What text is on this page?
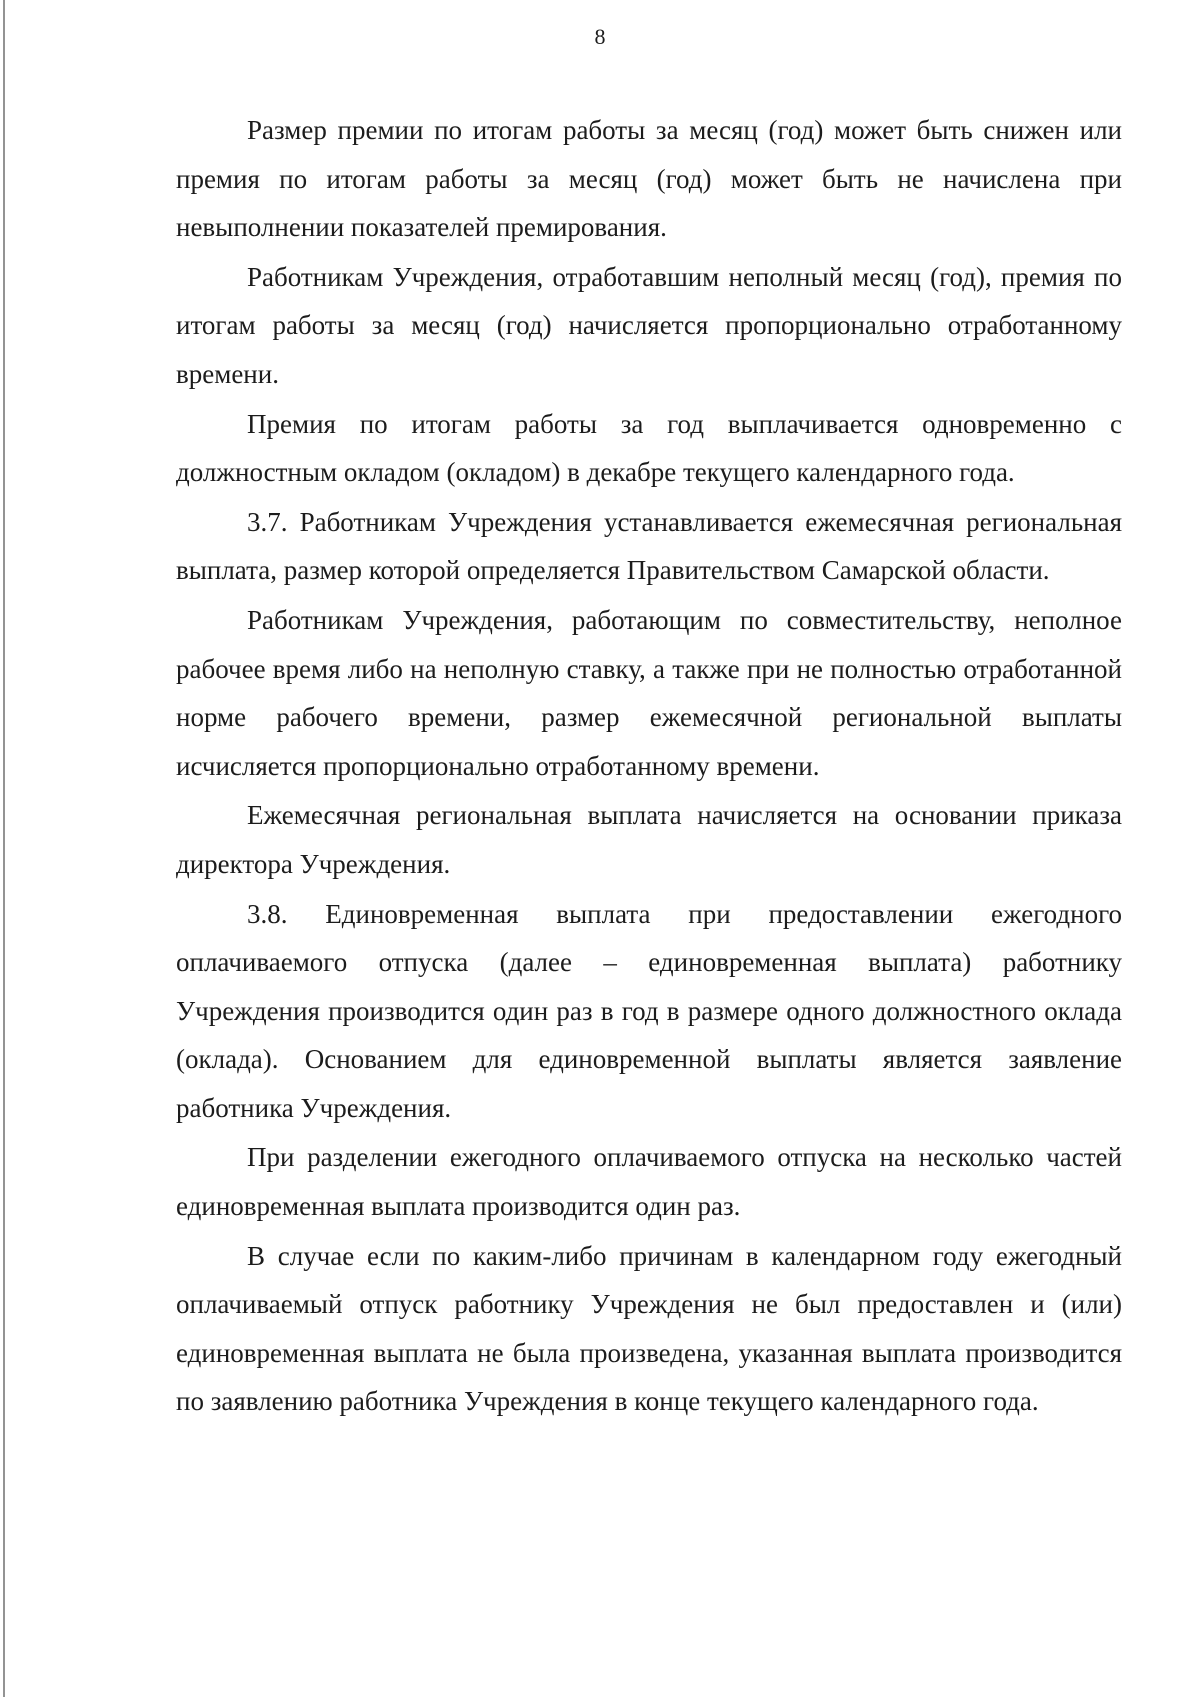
8

Размер премии по итогам работы за месяц (год) может быть снижен или премия по итогам работы за месяц (год) может быть не начислена при невыполнении показателей премирования.

Работникам Учреждения, отработавшим неполный месяц (год), премия по итогам работы за месяц (год) начисляется пропорционально отработанному времени.

Премия по итогам работы за год выплачивается одновременно с должностным окладом (окладом) в декабре текущего календарного года.

3.7. Работникам Учреждения устанавливается ежемесячная региональная выплата, размер которой определяется Правительством Самарской области.

Работникам Учреждения, работающим по совместительству, неполное рабочее время либо на неполную ставку, а также при не полностью отработанной норме рабочего времени, размер ежемесячной региональной выплаты исчисляется пропорционально отработанному времени.

Ежемесячная региональная выплата начисляется на основании приказа директора Учреждения.

3.8. Единовременная выплата при предоставлении ежегодного оплачиваемого отпуска (далее – единовременная выплата) работнику Учреждения производится один раз в год в размере одного должностного оклада (оклада). Основанием для единовременной выплаты является заявление работника Учреждения.

При разделении ежегодного оплачиваемого отпуска на несколько частей единовременная выплата производится один раз.

В случае если по каким-либо причинам в календарном году ежегодный оплачиваемый отпуск работнику Учреждения не был предоставлен и (или) единовременная выплата не была произведена, указанная выплата производится по заявлению работника Учреждения в конце текущего календарного года.
